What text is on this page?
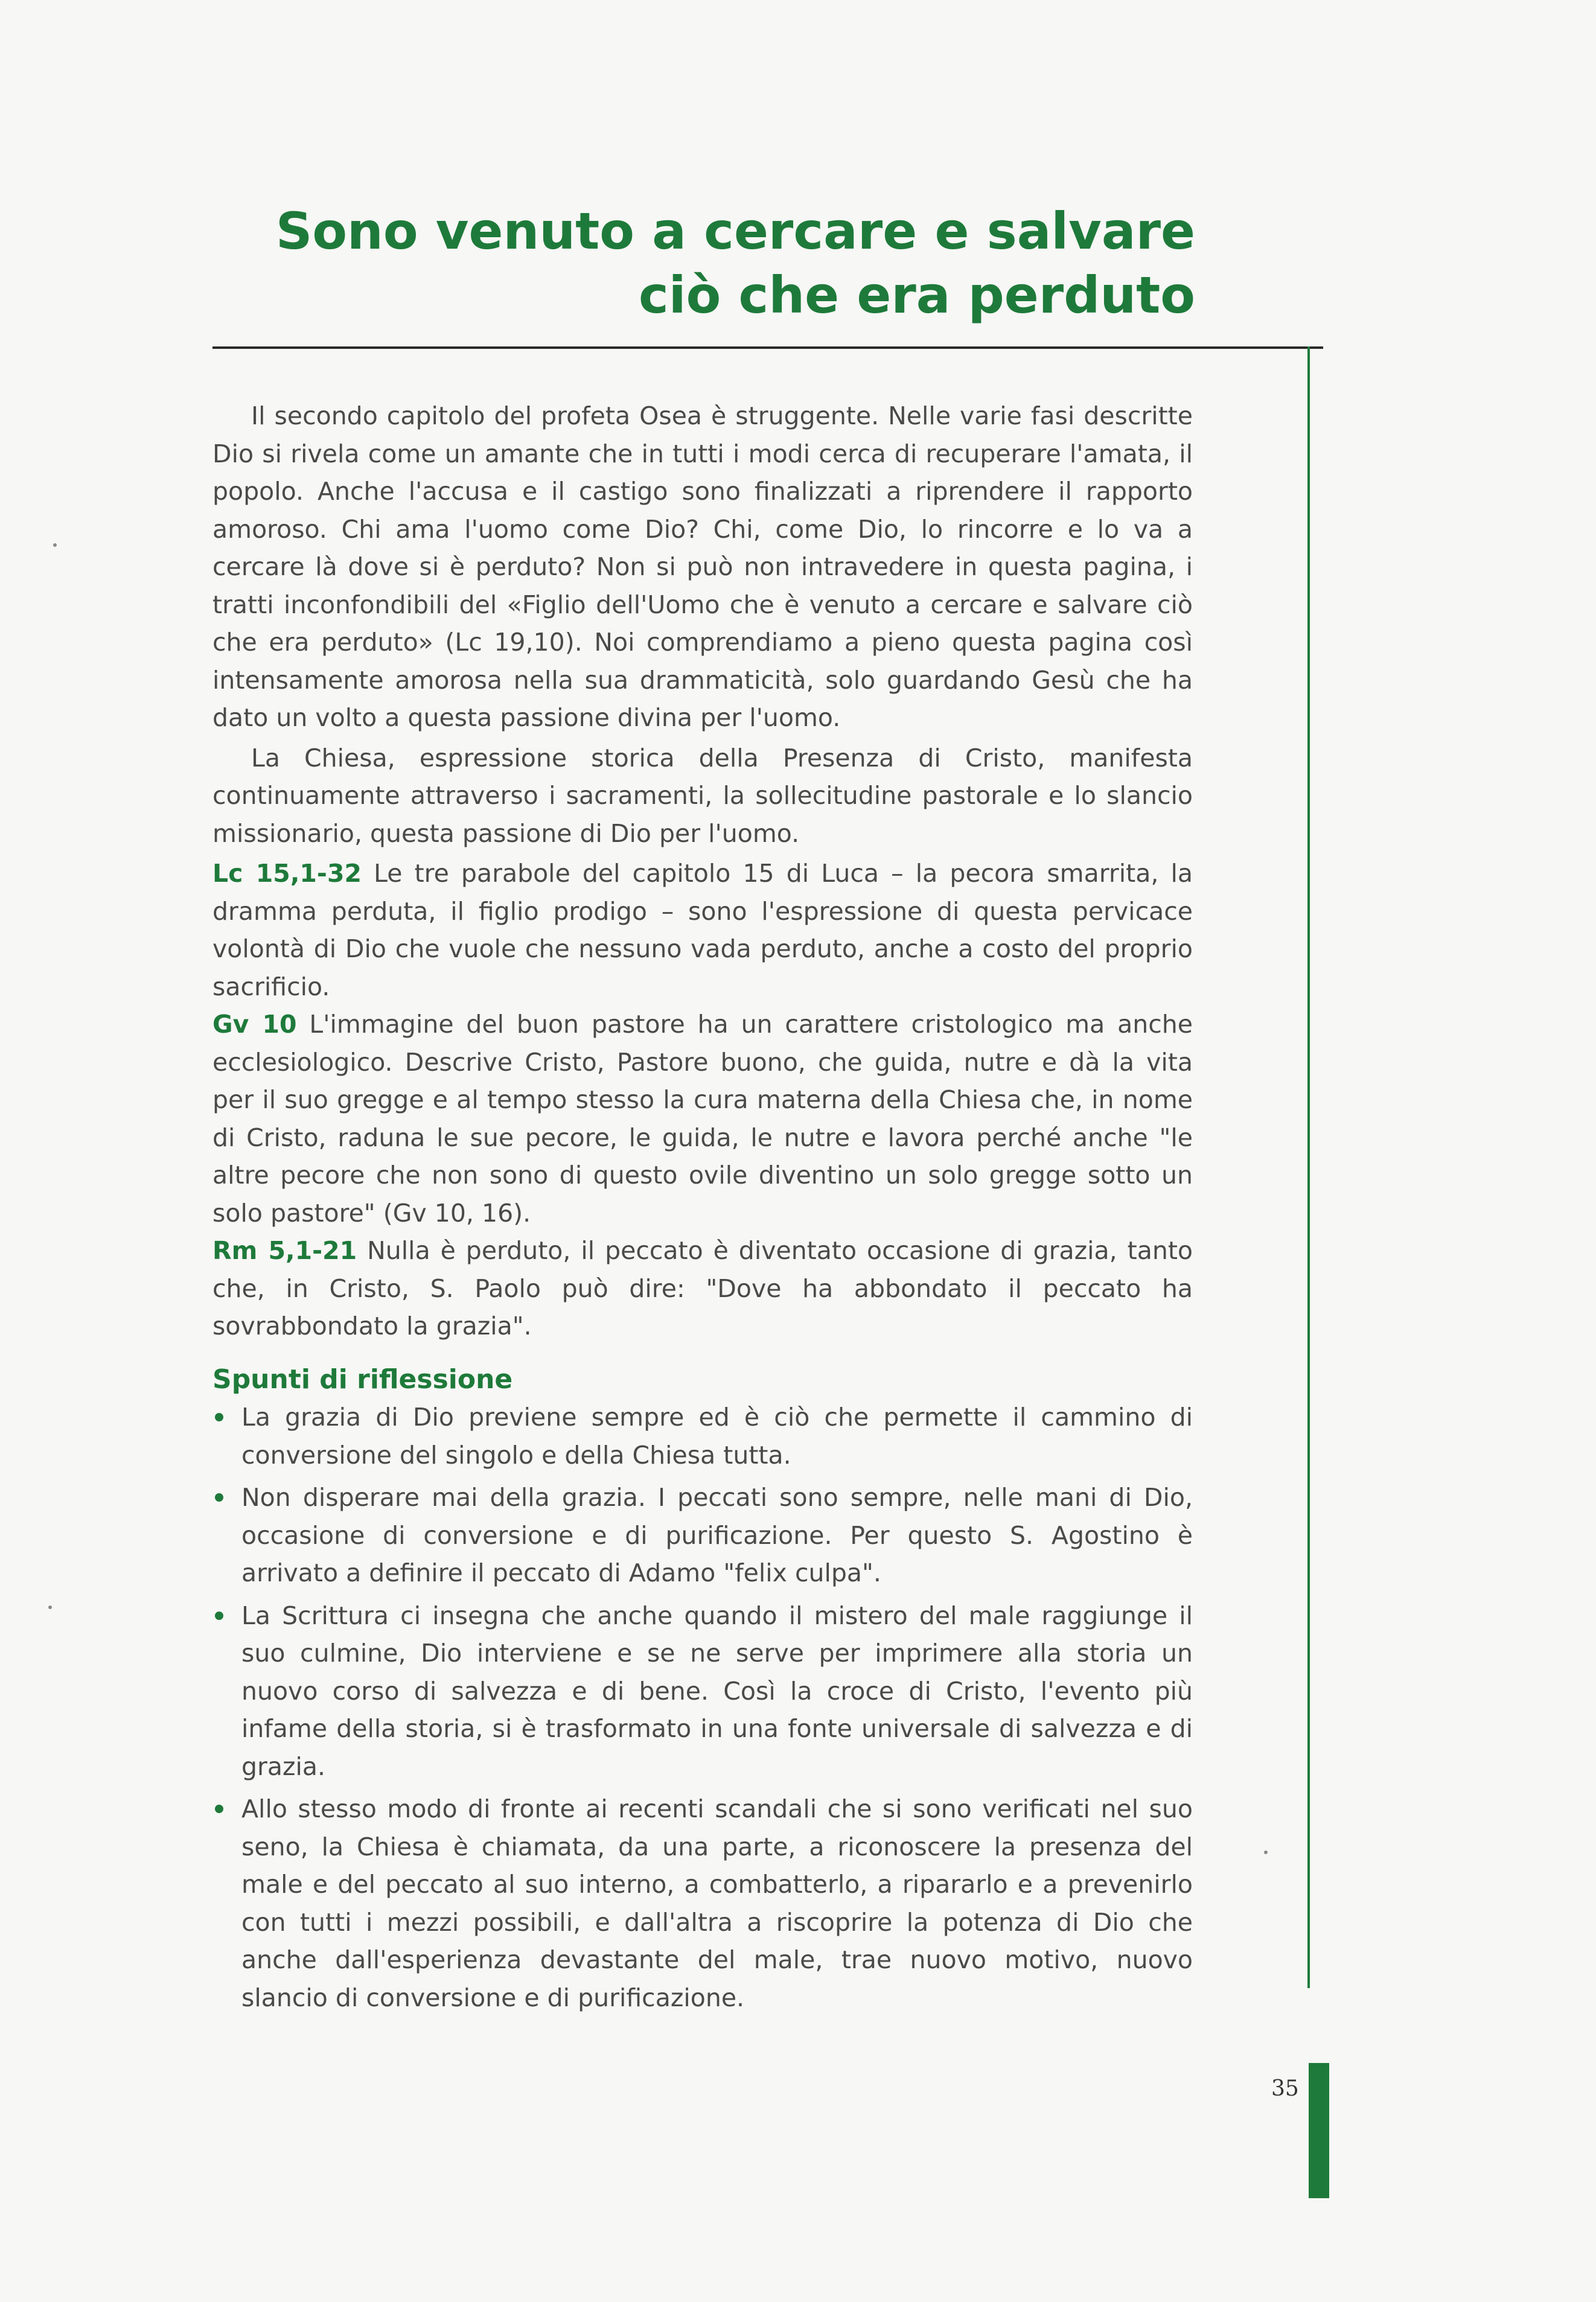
Sono venuto a cercare e salvare
ciò che era perduto

Il secondo capitolo del profeta Osea è struggente. Nelle varie fasi descritte Dio si rivela come un amante che in tutti i modi cerca di recuperare l'amata, il popolo. Anche l'accusa e il castigo sono finalizzati a riprendere il rapporto amoroso. Chi ama l'uomo come Dio? Chi, come Dio, lo rincorre e lo va a cercare là dove si è perduto? Non si può non intravedere in questa pagina, i tratti inconfondibili del «Figlio dell'Uomo che è venuto a cercare e salvare ciò che era perduto» (Lc 19,10). Noi comprendiamo a pieno questa pagina così intensamente amorosa nella sua drammaticità, solo guardando Gesù che ha dato un volto a questa passione divina per l'uomo.

La Chiesa, espressione storica della Presenza di Cristo, manifesta continuamente attraverso i sacramenti, la sollecitudine pastorale e lo slancio missionario, questa passione di Dio per l'uomo.

Lc 15,1-32 Le tre parabole del capitolo 15 di Luca – la pecora smarrita, la dramma perduta, il figlio prodigo – sono l'espressione di questa pervicace volontà di Dio che vuole che nessuno vada perduto, anche a costo del proprio sacrificio.

Gv 10 L'immagine del buon pastore ha un carattere cristologico ma anche ecclesiologico. Descrive Cristo, Pastore buono, che guida, nutre e dà la vita per il suo gregge e al tempo stesso la cura materna della Chiesa che, in nome di Cristo, raduna le sue pecore, le guida, le nutre e lavora perché anche "le altre pecore che non sono di questo ovile diventino un solo gregge sotto un solo pastore" (Gv 10, 16).

Rm 5,1-21 Nulla è perduto, il peccato è diventato occasione di grazia, tanto che, in Cristo, S. Paolo può dire: "Dove ha abbondato il peccato ha sovrabbondato la grazia".

Spunti di riflessione

La grazia di Dio previene sempre ed è ciò che permette il cammino di conversione del singolo e della Chiesa tutta.
Non disperare mai della grazia. I peccati sono sempre, nelle mani di Dio, occasione di conversione e di purificazione. Per questo S. Agostino è arrivato a definire il peccato di Adamo "felix culpa".
La Scrittura ci insegna che anche quando il mistero del male raggiunge il suo culmine, Dio interviene e se ne serve per imprimere alla storia un nuovo corso di salvezza e di bene. Così la croce di Cristo, l'evento più infame della storia, si è trasformato in una fonte universale di salvezza e di grazia.
Allo stesso modo di fronte ai recenti scandali che si sono verificati nel suo seno, la Chiesa è chiamata, da una parte, a riconoscere la presenza del male e del peccato al suo interno, a combatterlo, a ripararlo e a prevenirlo con tutti i mezzi possibili, e dall'altra a riscoprire la potenza di Dio che anche dall'esperienza devastante del male, trae nuovo motivo, nuovo slancio di conversione e di purificazione.
35
